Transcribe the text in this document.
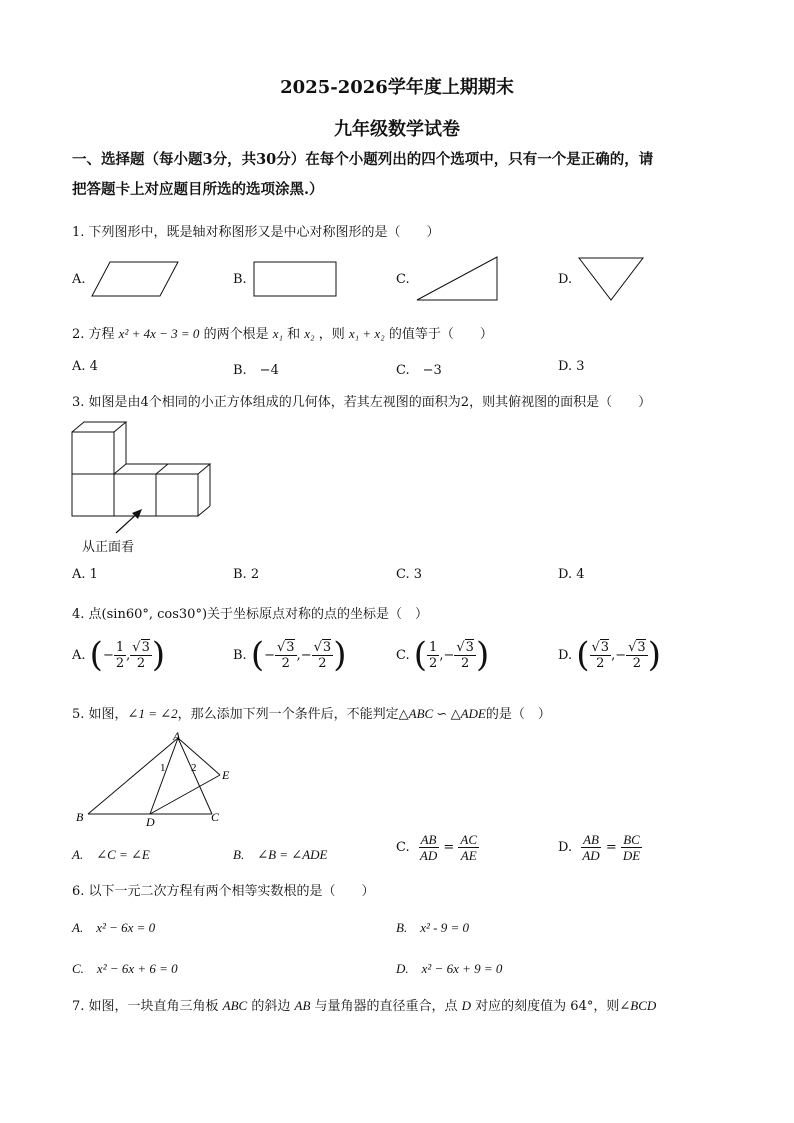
2025-2026学年度上期期末
九年级数学试卷
一、选择题（每小题3分，共30分）在每个小题列出的四个选项中，只有一个是正确的，请
把答题卡上对应题目所选的选项涂黑.）
1. 下列图形中，既是轴对称图形又是中心对称图形的是（　　）
A.	B.	C.	D.
2. 方程 x² + 4x − 3 = 0 的两个根是 x₁ 和 x₂ ，则 x₁ + x₂ 的值等于（　　）
A. 4	B.　−4	C.　−3	D. 3
3. 如图是由4个相同的小正方体组成的几何体，若其左视图的面积为2，则其俯视图的面积是（　　）
从正面看
A. 1	B. 2	C. 3	D. 4
4. 点(sin60°, cos30°)关于坐标原点对称的点的坐标是（　）
A.
( − $\frac{1}{2}$ , $\frac{√3}{2}$ )	B.
( − $\frac{√3}{2}$ , − $\frac{√3}{2}$ )	C.
( $\frac{1}{2}$ , − $\frac{√3}{2}$ )	D.
( $\frac{√3}{2}$ , − $\frac{√3}{2}$ )
5. 如图，∠1 = ∠2，那么添加下列一个条件后，不能判定△ABC ∽ △ADE的是（　）
A
B	C
D
E
1 2
A.　∠C = ∠E	B.　∠B = ∠ADE	C.
$\frac{AB}{AD} = \frac{AC}{AE}$	D.
$\frac{AB}{AD} = \frac{BC}{DE}$
6. 以下一元二次方程有两个相等实数根的是（　　）
A.　x² − 6x = 0	B.　x² - 9 = 0
C.　x² − 6x + 6 = 0	D.　x² − 6x + 9 = 0
7. 如图，一块直角三角板 ABC 的斜边 AB 与量角器的直径重合，点 D 对应的刻度值为 64°，则∠BCD
